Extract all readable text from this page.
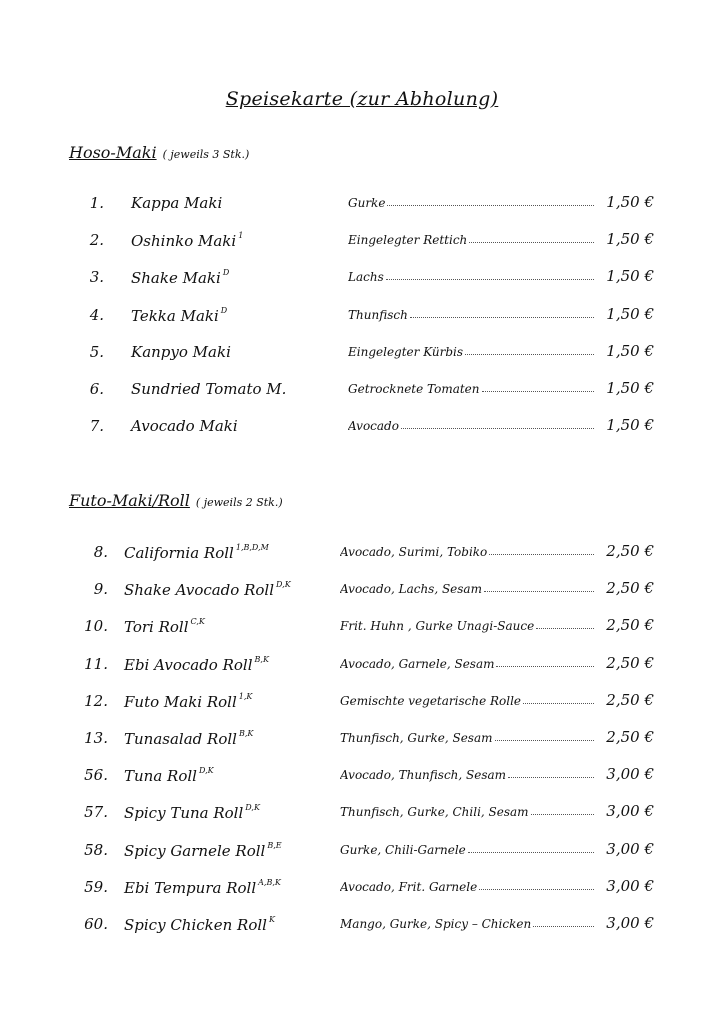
Speisekarte (zur Abholung)
Hoso-Maki ( jeweils 3 Stk.)
1. Kappa Maki	Gurke	1,50 €
2. Oshinko Maki $^1$	Eingelegter Rettich	1,50 €
3. Shake Maki $^D$	Lachs	1,50 €
4. Tekka Maki $^D$	Thunfisch	1,50 €
5. Kanpyo Maki	Eingelegter Kürbis	1,50 €
6. Sundried Tomato M.	Getrocknete Tomaten	1,50 €
7. Avocado Maki	Avocado	1,50 €
Futo-Maki/Roll ( jeweils 2 Stk.)
8. California Roll $^{1,B,D,M}$	Avocado, Surimi, Tobiko	2,50 €
9. Shake Avocado Roll $^{D,K}$	Avocado, Lachs, Sesam	2,50 €
10. Tori Roll $^{C,K}$	Frit. Huhn , Gurke Unagi-Sauce	2,50 €
11. Ebi Avocado Roll $^{B,K}$	Avocado, Garnele, Sesam	2,50 €
12. Futo Maki Roll $^{1,K}$	Gemischte vegetarische Rolle	2,50 €
13. Tunasalad Roll $^{B,K}$	Thunfisch, Gurke, Sesam	2,50 €
56. Tuna Roll $^{D,K}$	Avocado, Thunfisch, Sesam	3,00 €
57. Spicy Tuna Roll $^{D,K}$	Thunfisch, Gurke, Chili, Sesam	3,00 €
58. Spicy Garnele Roll $^{B,E}$	Gurke, Chili-Garnele	3,00 €
59. Ebi Tempura Roll $^{A,B,K}$	Avocado, Frit. Garnele	3,00 €
60. Spicy Chicken Roll $^K$	Mango, Gurke, Spicy – Chicken	3,00 €
